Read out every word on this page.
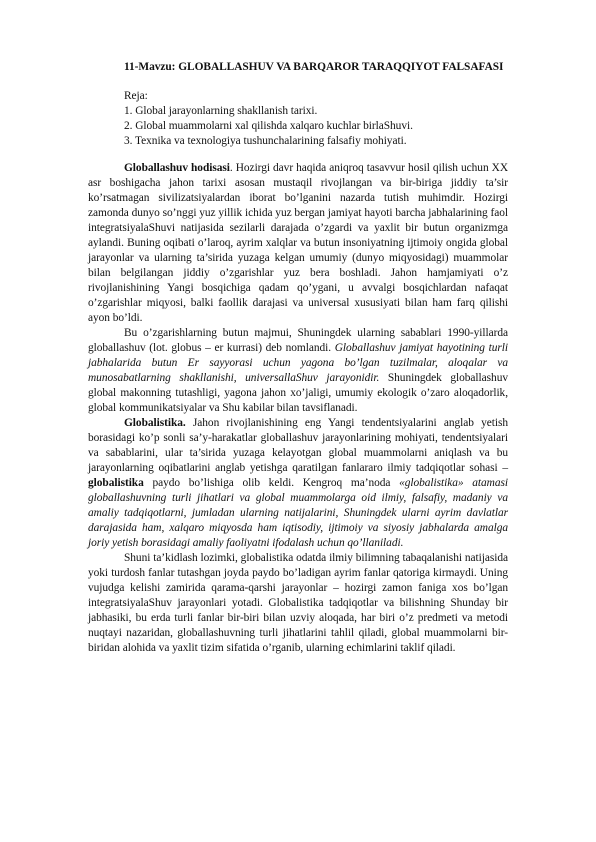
11-Mavzu: GLOBALLASHUV VA BARQAROR TARAQQIYOT FALSAFASI
Reja:
1. Global jarayonlarning shakllanish tarixi.
2. Global muammolarni xal qilishda xalqaro kuchlar birlaShuvi.
3. Texnika va texnologiya tushunchalarining falsafiy mohiyati.

Globallashuv hodisasi. Hozirgi davr haqida aniqroq tasavvur hosil qilish uchun XX asr boshigacha jahon tarixi asosan mustaqil rivojlangan va bir-biriga jiddiy ta’sir ko’rsatmagan sivilizatsiyalardan iborat bo’lganini nazarda tutish muhimdir. Hozirgi zamonda dunyo so’nggi yuz yillik ichida yuz bergan jamiyat hayoti barcha jabhalarining faol integratsiyalaShuvi natijasida sezilarli darajada o’zgardi va yaxlit bir butun organizmga aylandi. Buning oqibati o’laroq, ayrim xalqlar va butun insoniyatning ijtimoiy ongida global jarayonlar va ularning ta’sirida yuzaga kelgan umumiy (dunyo miqyosidagi) muammolar bilan belgilangan jiddiy o’zgarishlar yuz bera boshladi. Jahon hamjamiyati o’z rivojlanishining Yangi bosqichiga qadam qo’ygani, u avvalgi bosqichlardan nafaqat o’zgarishlar miqyosi, balki faollik darajasi va universal xususiyati bilan ham farq qilishi ayon bo’ldi.

Bu o’zgarishlarning butun majmui, Shuningdek ularning sabablari 1990-yillarda globallashuv (lot. globus – er kurrasi) deb nomlandi. Globallashuv jamiyat hayotining turli jabhalarida butun Er sayyorasi uchun yagona bo’lgan tuzilmalar, aloqalar va munosabatlarning shakllanishi, universallaShuv jarayonidir. Shuningdek globallashuv global makonning tutashligi, yagona jahon xo’jaligi, umumiy ekologik o’zaro aloqadorlik, global kommunikatsiyalar va Shu kabilar bilan tavsiflanadi.

Globalistika. Jahon rivojlanishining eng Yangi tendentsiyalarini anglab yetish borasidagi ko’p sonli sa’y-harakatlar globallashuv jarayonlarining mohiyati, tendentsiyalari va sabablarini, ular ta’sirida yuzaga kelayotgan global muammolarni aniqlash va bu jarayonlarning oqibatlarini anglab yetishga qaratilgan fanlararo ilmiy tadqiqotlar sohasi – globalistika paydo bo’lishiga olib keldi. Kengroq ma’noda «globalistika» atamasi globallashuvning turli jihatlari va global muammolarga oid ilmiy, falsafiy, madaniy va amaliy tadqiqotlarni, jumladan ularning natijalarini, Shuningdek ularni ayrim davlatlar darajasida ham, xalqaro miqyosda ham iqtisodiy, ijtimoiy va siyosiy jabhalarda amalga joriy yetish borasidagi amaliy faoliyatni ifodalash uchun qo’llaniladi.

Shuni ta’kidlash lozimki, globalistika odatda ilmiy bilimning tabaqalanishi natijasida yoki turdosh fanlar tutashgan joyda paydo bo’ladigan ayrim fanlar qatoriga kirmaydi. Uning vujudga kelishi zamirida qarama-qarshi jarayonlar – hozirgi zamon faniga xos bo’lgan integratsiyalaShuv jarayonlari yotadi. Globalistika tadqiqotlar va bilishning Shunday bir jabhasiki, bu erda turli fanlar bir-biri bilan uzviy aloqada, har biri o’z predmeti va metodi nuqtayi nazaridan, globallashuvning turli jihatlarini tahlil qiladi, global muammolarni bir-biridan alohida va yaxlit tizim sifatida o’rganib, ularning echimlarini taklif qiladi.
